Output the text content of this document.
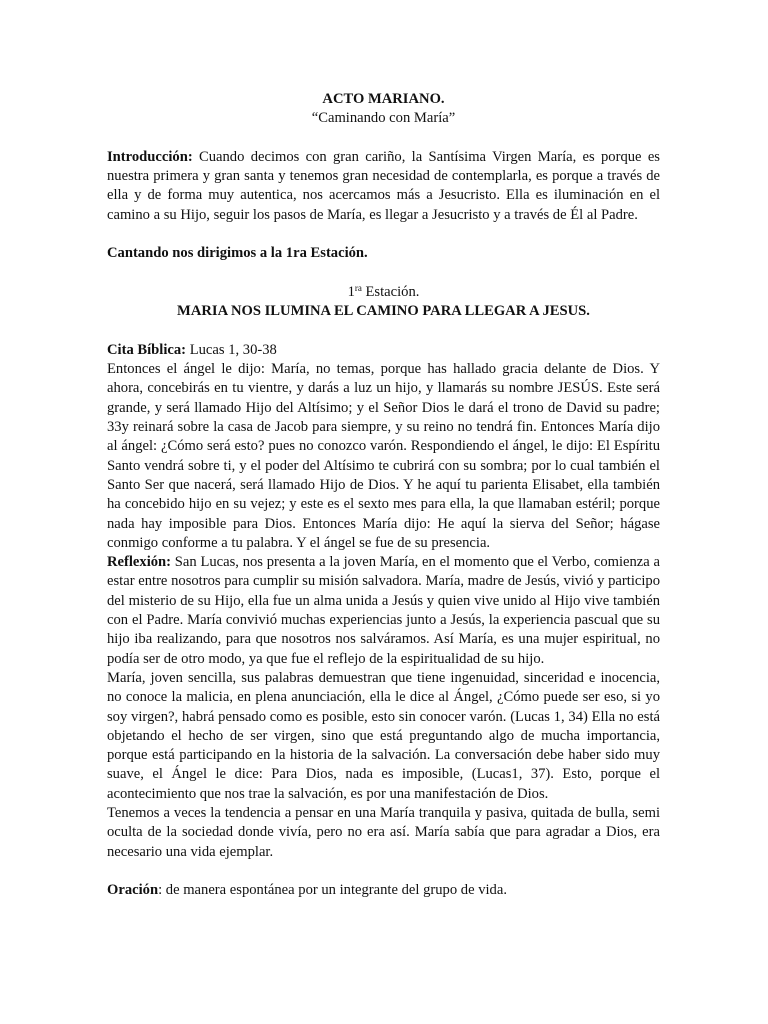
ACTO MARIANO.

“Caminando con María”

Introducción: Cuando decimos con gran cariño, la Santísima Virgen María, es porque es nuestra primera y gran santa y tenemos gran necesidad de contemplarla, es porque a través de ella y de forma muy autentica, nos acercamos más a Jesucristo. Ella es iluminación en el camino a su Hijo, seguir los pasos de María, es llegar a Jesucristo y a través de Él al Padre.

Cantando nos dirigimos a la 1ra Estación.

$1^{ra}$ Estación.

MARIA NOS ILUMINA EL CAMINO PARA LLEGAR A JESUS.

Cita Bíblica: Lucas 1, 30-38

Entonces el ángel le dijo: María, no temas, porque has hallado gracia delante de Dios. Y ahora, concebirás en tu vientre, y darás a luz un hijo, y llamarás su nombre JESÚS. Este será grande, y será llamado Hijo del Altísimo; y el Señor Dios le dará el trono de David su padre; 33y reinará sobre la casa de Jacob para siempre, y su reino no tendrá fin. Entonces María dijo al ángel: ¿Cómo será esto? pues no conozco varón. Respondiendo el ángel, le dijo: El Espíritu Santo vendrá sobre ti, y el poder del Altísimo te cubrirá con su sombra; por lo cual también el Santo Ser que nacerá, será llamado Hijo de Dios. Y he aquí tu parienta Elisabet, ella también ha concebido hijo en su vejez; y este es el sexto mes para ella, la que llamaban estéril; porque nada hay imposible para Dios. Entonces María dijo: He aquí la sierva del Señor; hágase conmigo conforme a tu palabra. Y el ángel se fue de su presencia.

Reflexión: San Lucas, nos presenta a la joven María, en el momento que el Verbo, comienza a estar entre nosotros para cumplir su misión salvadora. María, madre de Jesús, vivió y participo del misterio de su Hijo, ella fue un alma unida a Jesús y quien vive unido al Hijo vive también con el Padre. María convivió muchas experiencias junto a Jesús, la experiencia pascual que su hijo iba realizando, para que nosotros nos salváramos. Así María, es una mujer espiritual, no podía ser de otro modo, ya que fue el reflejo de la espiritualidad de su hijo.

María, joven sencilla, sus palabras demuestran que tiene ingenuidad, sinceridad e inocencia, no conoce la malicia, en plena anunciación, ella le dice al Ángel, ¿Cómo puede ser eso, si yo soy virgen?, habrá pensado como es posible, esto sin conocer varón. (Lucas 1, 34) Ella no está objetando el hecho de ser virgen, sino que está preguntando algo de mucha importancia, porque está participando en la historia de la salvación. La conversación debe haber sido muy suave, el Ángel le dice: Para Dios, nada es imposible, (Lucas1, 37). Esto, porque el acontecimiento que nos trae la salvación, es por una manifestación de Dios.

Tenemos a veces la tendencia a pensar en una María tranquila y pasiva, quitada de bulla, semi oculta de la sociedad donde vivía, pero no era así. María sabía que para agradar a Dios, era necesario una vida ejemplar.

Oración: de manera espontánea por un integrante del grupo de vida.
